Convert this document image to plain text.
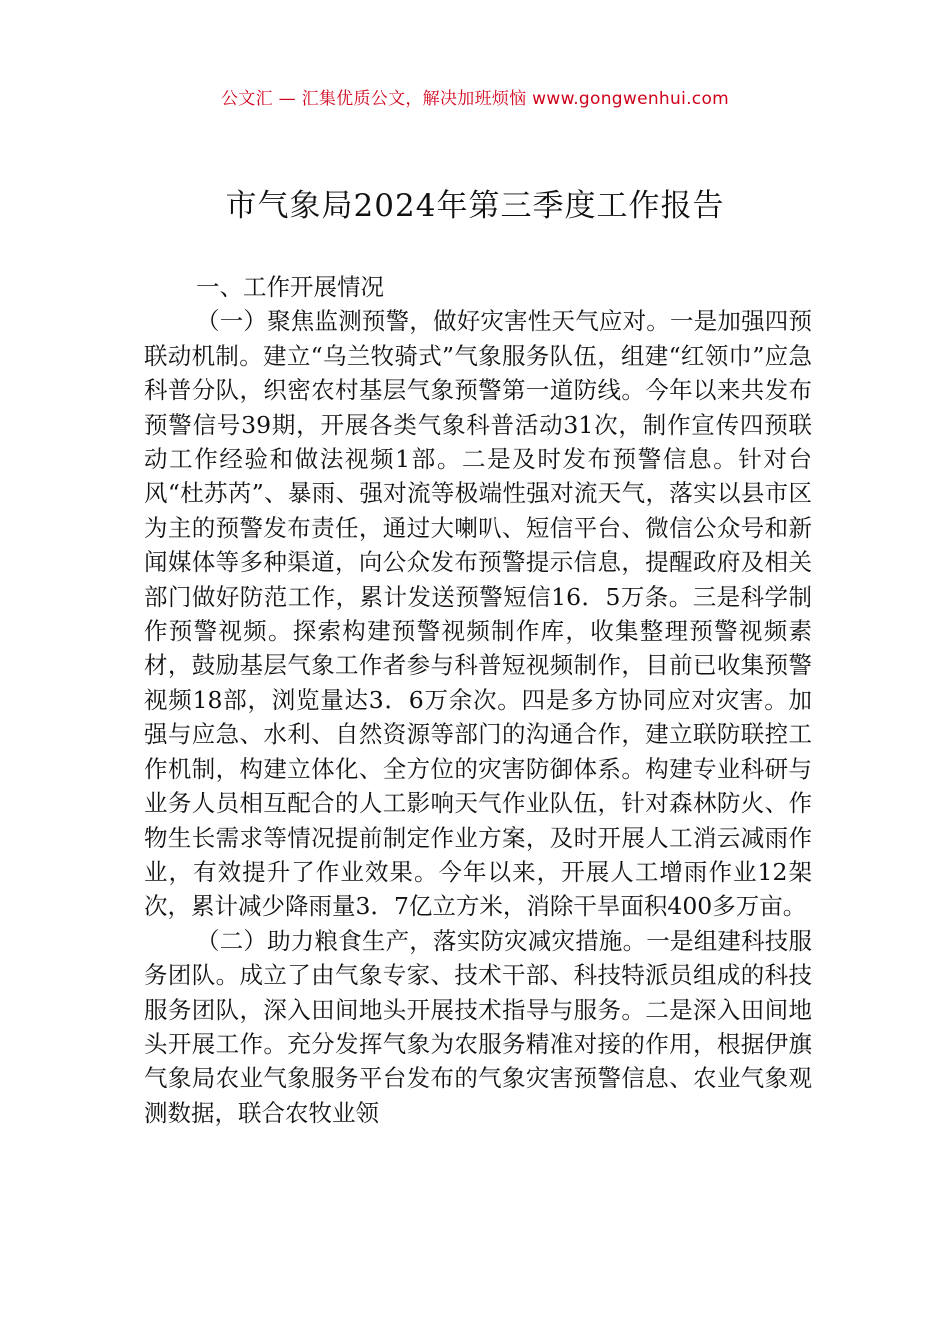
公文汇 — 汇集优质公文，解决加班烦恼 www.gongwenhui.com
市气象局2024年第三季度工作报告

一、工作开展情况

（一）聚焦监测预警，做好灾害性天气应对。一是加强四预联动机制。建立“乌兰牧骑式”气象服务队伍，组建“红领巾”应急科普分队，织密农村基层气象预警第一道防线。今年以来共发布预警信号39期，开展各类气象科普活动31次，制作宣传四预联动工作经验和做法视频1部。二是及时发布预警信息。针对台风“杜苏芮”、暴雨、强对流等极端性强对流天气，落实以县市区为主的预警发布责任，通过大喇叭、短信平台、微信公众号和新闻媒体等多种渠道，向公众发布预警提示信息，提醒政府及相关部门做好防范工作，累计发送预警短信16．5万条。三是科学制作预警视频。探索构建预警视频制作库，收集整理预警视频素材，鼓励基层气象工作者参与科普短视频制作，目前已收集预警视频18部，浏览量达3．6万余次。四是多方协同应对灾害。加强与应急、水利、自然资源等部门的沟通合作，建立联防联控工作机制，构建立体化、全方位的灾害防御体系。构建专业科研与业务人员相互配合的人工影响天气作业队伍，针对森林防火、作物生长需求等情况提前制定作业方案，及时开展人工消云减雨作业，有效提升了作业效果。今年以来，开展人工增雨作业12架次，累计减少降雨量3．7亿立方米，消除干旱面积400多万亩。

（二）助力粮食生产，落实防灾减灾措施。一是组建科技服务团队。成立了由气象专家、技术干部、科技特派员组成的科技服务团队，深入田间地头开展技术指导与服务。二是深入田间地头开展工作。充分发挥气象为农服务精准对接的作用，根据伊旗气象局农业气象服务平台发布的气象灾害预警信息、农业气象观测数据，联合农牧业领
